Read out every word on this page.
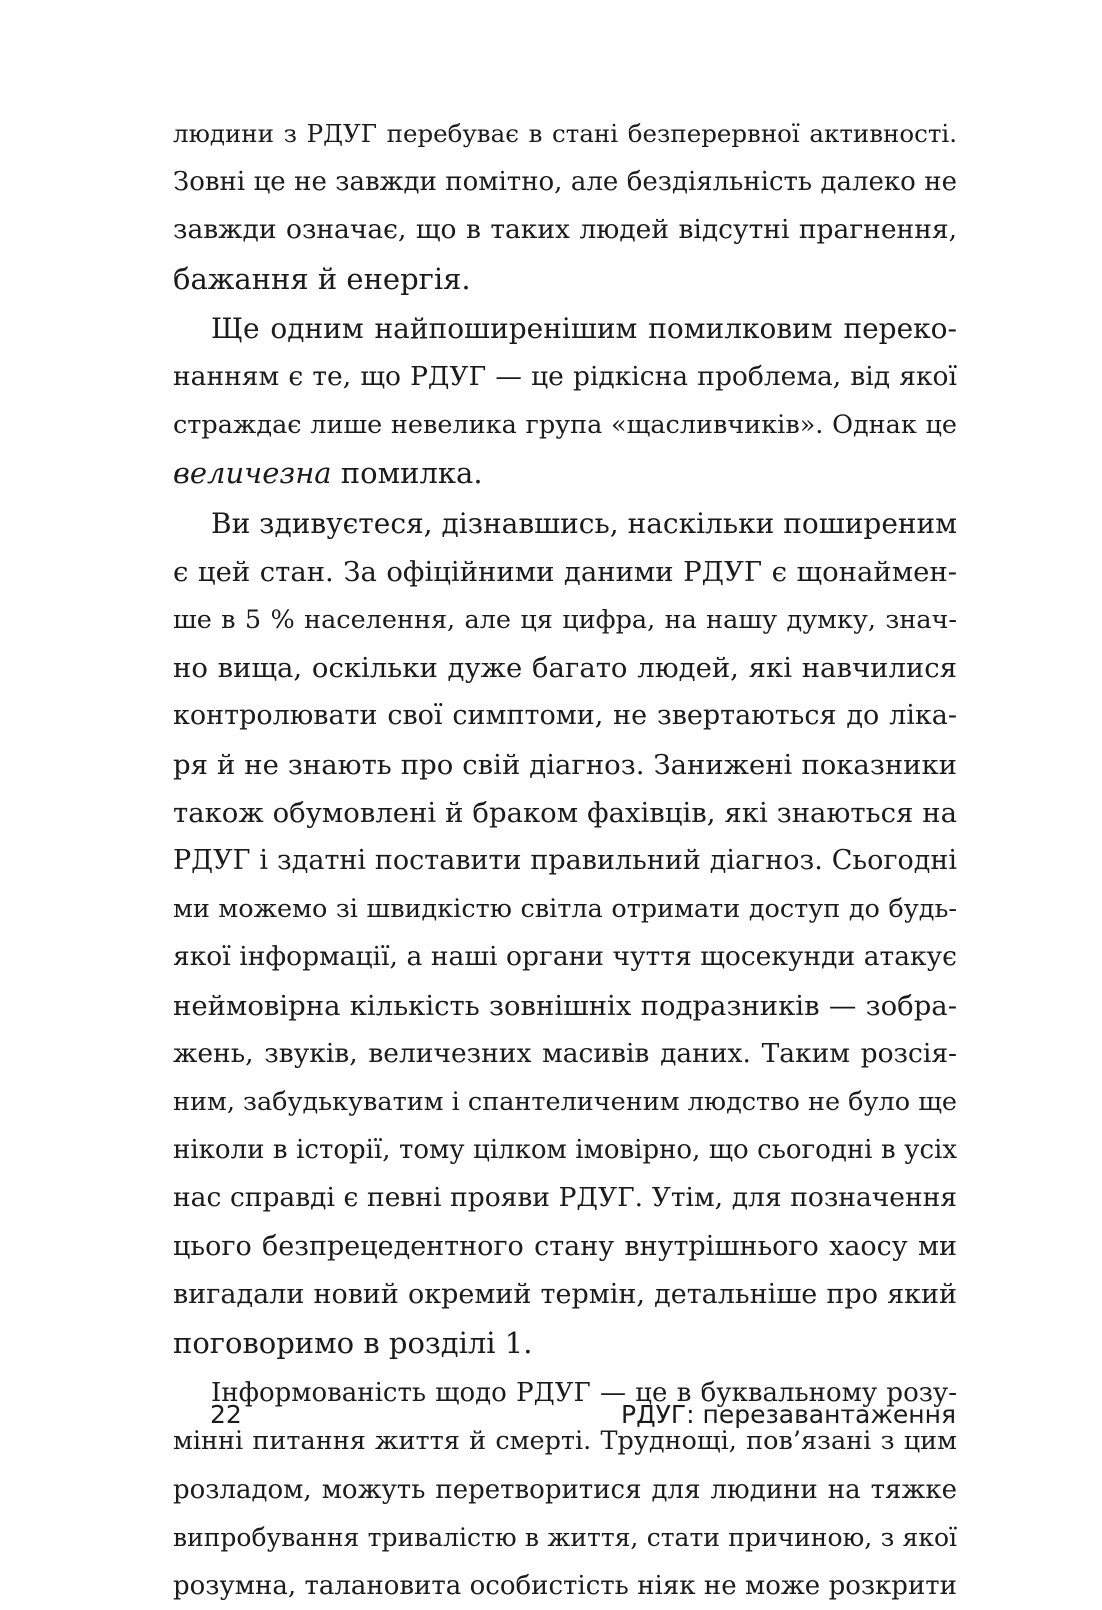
людини з РДУГ перебуває в стані безперервної активності.
Зовні це не завжди помітно, але бездіяльність далеко не
завжди означає, що в таких людей відсутні прагнення,
бажання й енергія.
Ще одним найпоширенішим помилковим переко-
нанням є те, що РДУГ — це рідкісна проблема, від якої
страждає лише невелика група «щасливчиків». Однак це
величезна помилка.
Ви здивуєтеся, дізнавшись, наскільки поширеним
є цей стан. За офіційними даними РДУГ є щонаймен-
ше в 5 % населення, але ця цифра, на нашу думку, знач-
но вища, оскільки дуже багато людей, які навчилися
контролювати свої симптоми, не звертаються до ліка-
ря й не знають про свій діагноз. Занижені показники
також обумовлені й браком фахівців, які знаються на
РДУГ і здатні поставити правильний діагноз. Сьогодні
ми можемо зі швидкістю світла отримати доступ до будь-
якої інформації, а наші органи чуття щосекунди атакує
неймовірна кількість зовнішніх подразників — зобра-
жень, звуків, величезних масивів даних. Таким розсія-
ним, забудькуватим і спантеличеним людство не було ще
ніколи в історії, тому цілком імовірно, що сьогодні в усіх
нас справді є певні прояви РДУГ. Утім, для позначення
цього безпрецедентного стану внутрішнього хаосу ми
вигадали новий окремий термін, детальніше про який
поговоримо в розділі 1.
Інформованість щодо РДУГ — це в буквальному розу-
мінні питання життя й смерті. Труднощі, пов’язані з цим
розладом, можуть перетворитися для людини на тяжке
випробування тривалістю в життя, стати причиною, з якої
розумна, талановита особистість ніяк не може розкрити
22	РДУГ: перезавантаження
